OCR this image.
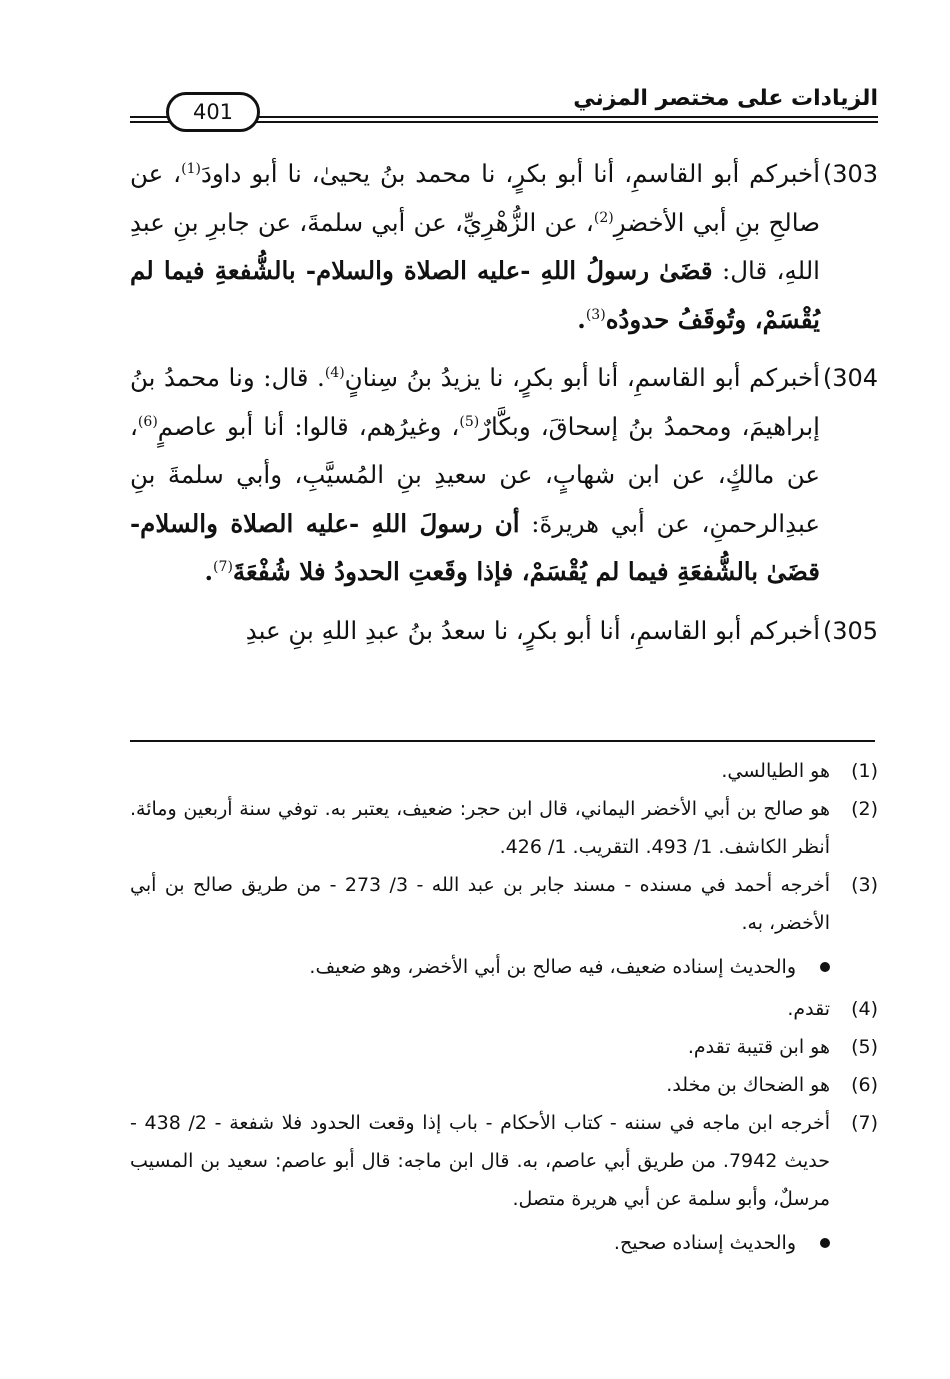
الزيادات على مختصر المزني
401
303)
أخبركم أبو القاسمِ، أنا أبو بكرٍ، نا محمد بنُ يحيىٰ، نا أبو داودَ$^{(1)}$، عن صالحِ بنِ أبي الأخضرِ$^{(2)}$، عن الزُّهْرِيِّ، عن أبي سلمةَ، عن جابرِ بنِ عبدِ اللهِ، قال: قضَىٰ رسولُ اللهِ -عليه الصلاة والسلام- بالشُّفعةِ فيما لم يُقْسَمْ، وتُوقَفُ حدودُه$^{(3)}$.
304)
أخبركم أبو القاسمِ، أنا أبو بكرٍ، نا يزيدُ بنُ سِنانٍ$^{(4)}$. قال: ونا محمدُ بنُ إبراهيمَ، ومحمدُ بنُ إسحاقَ، وبكَّارٌ$^{(5)}$، وغيرُهم، قالوا: أنا أبو عاصمٍ$^{(6)}$، عن مالكٍ، عن ابن شهابٍ، عن سعيدِ بنِ المُسيَّبِ، وأبي سلمةَ بنِ عبدِالرحمنِ، عن أبي هريرةَ: أن رسولَ اللهِ -عليه الصلاة والسلام- قضَىٰ بالشُّفعَةِ فيما لم يُقْسَمْ، فإذا وقَعتِ الحدودُ فلا شُفْعَةَ$^{(7)}$.
305)
أخبركم أبو القاسمِ، أنا أبو بكرٍ، نا سعدُ بنُ عبدِ اللهِ بنِ عبدِ
(1)
هو الطيالسي.
(2)
هو صالح بن أبي الأخضر اليماني، قال ابن حجر: ضعيف، يعتبر به. توفي سنة أربعين ومائة. أنظر الكاشف. 1/ 493. التقريب. 1/ 426.
(3)
أخرجه أحمد في مسنده - مسند جابر بن عبد الله - 3/ 273 - من طريق صالح بن أبي الأخضر، به.
والحديث إسناده ضعيف، فيه صالح بن أبي الأخضر، وهو ضعيف.
(4)
تقدم.
(5)
هو ابن قتيبة تقدم.
(6)
هو الضحاك بن مخلد.
(7)
أخرجه ابن ماجه في سننه - كتاب الأحكام - باب إذا وقعت الحدود فلا شفعة - 2/ 438 - حديث 7942. من طريق أبي عاصم، به. قال ابن ماجه: قال أبو عاصم: سعيد بن المسيب مرسلٌ، وأبو سلمة عن أبي هريرة متصل.
والحديث إسناده صحيح.
